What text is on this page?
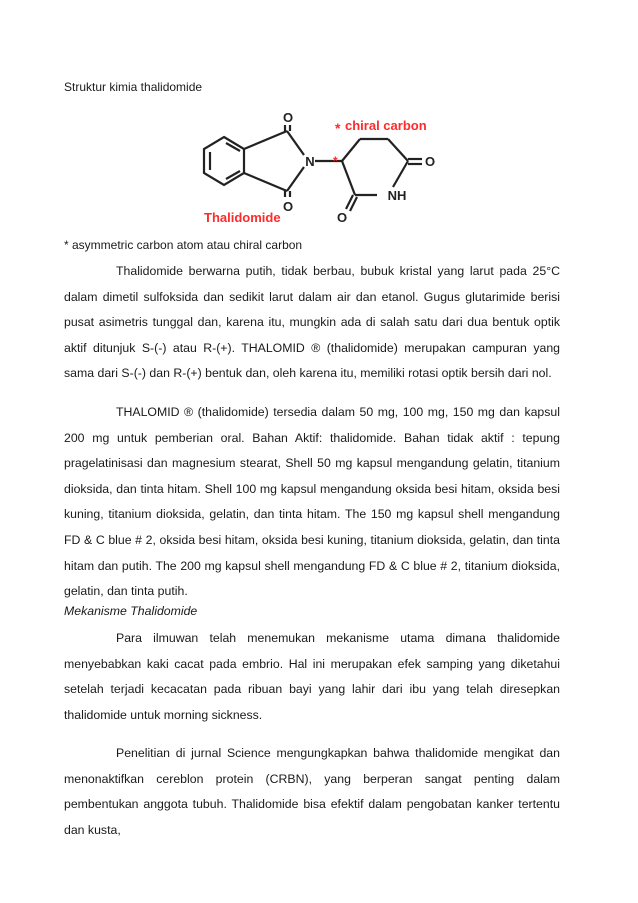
Struktur kimia thalidomide
O
O
N	O
NH
O
* chiral carbon
*
Thalidomide
* asymmetric carbon atom atau chiral carbon

Thalidomide berwarna putih, tidak berbau, bubuk kristal yang larut pada 25°C dalam dimetil sulfoksida dan sedikit larut dalam air dan etanol. Gugus glutarimide berisi pusat asimetris tunggal dan, karena itu, mungkin ada di salah satu dari dua bentuk optik aktif ditunjuk S-(-) atau R-(+). THALOMID ® (thalidomide) merupakan campuran yang sama dari S-(-) dan R-(+) bentuk dan, oleh karena itu, memiliki rotasi optik bersih dari nol.

THALOMID ® (thalidomide) tersedia dalam 50 mg, 100 mg, 150 mg dan kapsul 200 mg untuk pemberian oral. Bahan Aktif: thalidomide. Bahan tidak aktif : tepung pragelatinisasi dan magnesium stearat, Shell 50 mg kapsul mengandung gelatin, titanium dioksida, dan tinta hitam. Shell 100 mg kapsul mengandung oksida besi hitam, oksida besi kuning, titanium dioksida, gelatin, dan tinta hitam. The 150 mg kapsul shell mengandung FD & C blue # 2, oksida besi hitam, oksida besi kuning, titanium dioksida, gelatin, dan tinta hitam dan putih. The 200 mg kapsul shell mengandung FD & C blue # 2, titanium dioksida, gelatin, dan tinta putih.

Mekanisme Thalidomide

Para ilmuwan telah menemukan mekanisme utama dimana thalidomide menyebabkan kaki cacat pada embrio. Hal ini merupakan efek samping yang diketahui setelah terjadi kecacatan pada ribuan bayi yang lahir dari ibu yang telah diresepkan thalidomide untuk morning sickness.

Penelitian di jurnal Science mengungkapkan bahwa thalidomide mengikat dan menonaktifkan cereblon protein (CRBN), yang berperan sangat penting dalam pembentukan anggota tubuh. Thalidomide bisa efektif dalam pengobatan kanker tertentu dan kusta,
